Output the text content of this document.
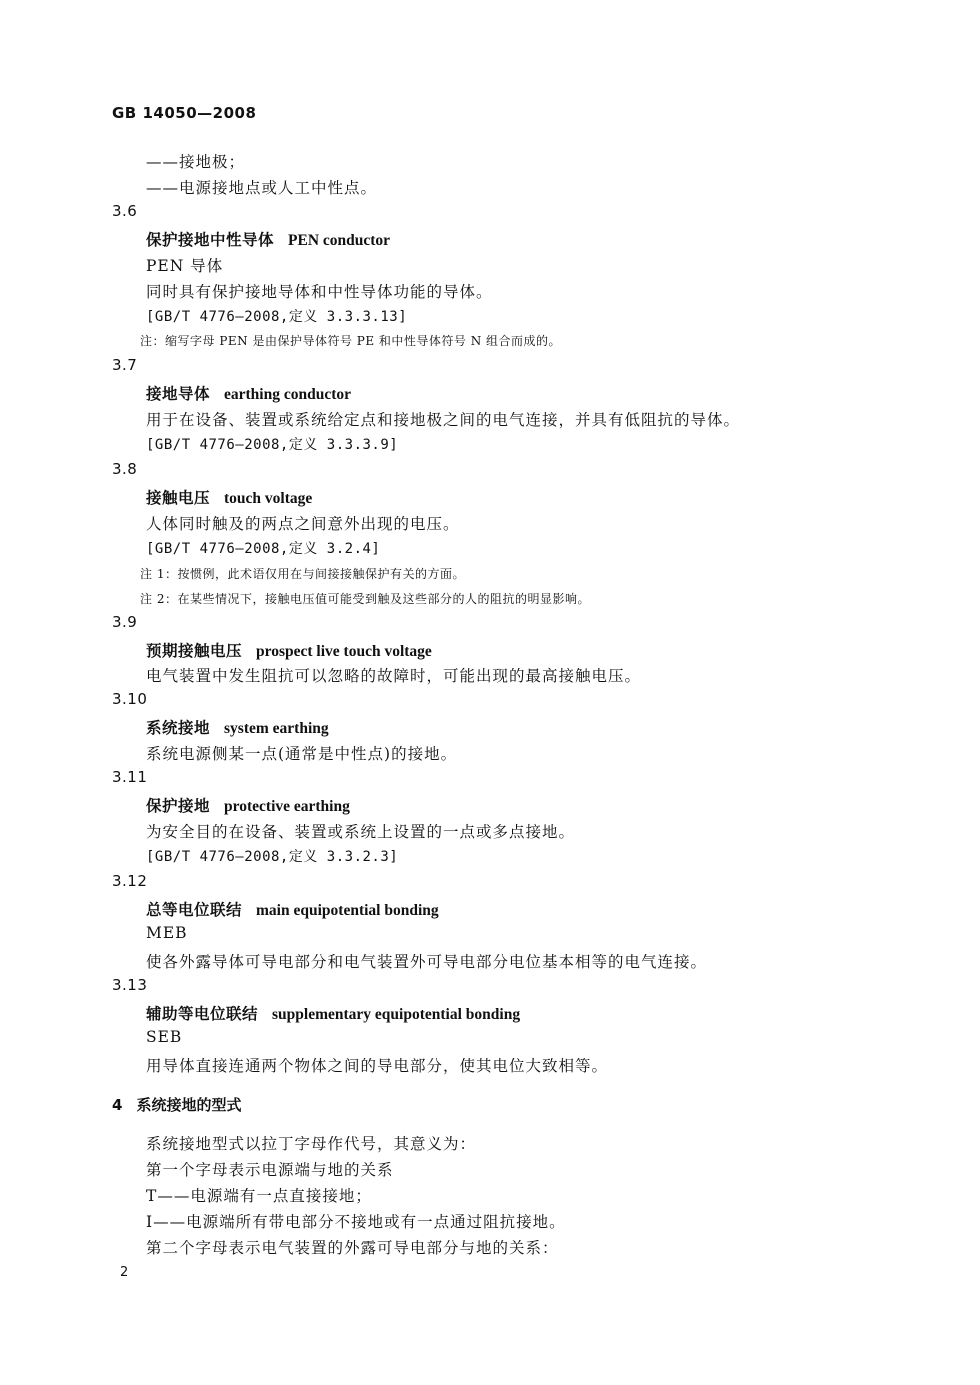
GB 14050—2008
——接地极；
——电源接地点或人工中性点。
3.6
保护接地中性导体 PEN conductor
PEN 导体
同时具有保护接地导体和中性导体功能的导体。
[GB/T 4776—2008,定义 3.3.3.13]
注：缩写字母 PEN 是由保护导体符号 PE 和中性导体符号 N 组合而成的。
3.7
接地导体 earthing conductor
用于在设备、装置或系统给定点和接地极之间的电气连接，并具有低阻抗的导体。
[GB/T 4776—2008,定义 3.3.3.9]
3.8
接触电压 touch voltage
人体同时触及的两点之间意外出现的电压。
[GB/T 4776—2008,定义 3.2.4]
注 1：按惯例，此术语仅用在与间接接触保护有关的方面。
注 2：在某些情况下，接触电压值可能受到触及这些部分的人的阻抗的明显影响。
3.9
预期接触电压 prospect live touch voltage
电气装置中发生阻抗可以忽略的故障时，可能出现的最高接触电压。
3.10
系统接地 system earthing
系统电源侧某一点(通常是中性点)的接地。
3.11
保护接地 protective earthing
为安全目的在设备、装置或系统上设置的一点或多点接地。
[GB/T 4776—2008,定义 3.3.2.3]
3.12
总等电位联结 main equipotential bonding
MEB
使各外露导体可导电部分和电气装置外可导电部分电位基本相等的电气连接。
3.13
辅助等电位联结 supplementary equipotential bonding
SEB
用导体直接连通两个物体之间的导电部分，使其电位大致相等。
4 系统接地的型式
系统接地型式以拉丁字母作代号，其意义为：
第一个字母表示电源端与地的关系
T——电源端有一点直接接地；
I——电源端所有带电部分不接地或有一点通过阻抗接地。
第二个字母表示电气装置的外露可导电部分与地的关系：
2
